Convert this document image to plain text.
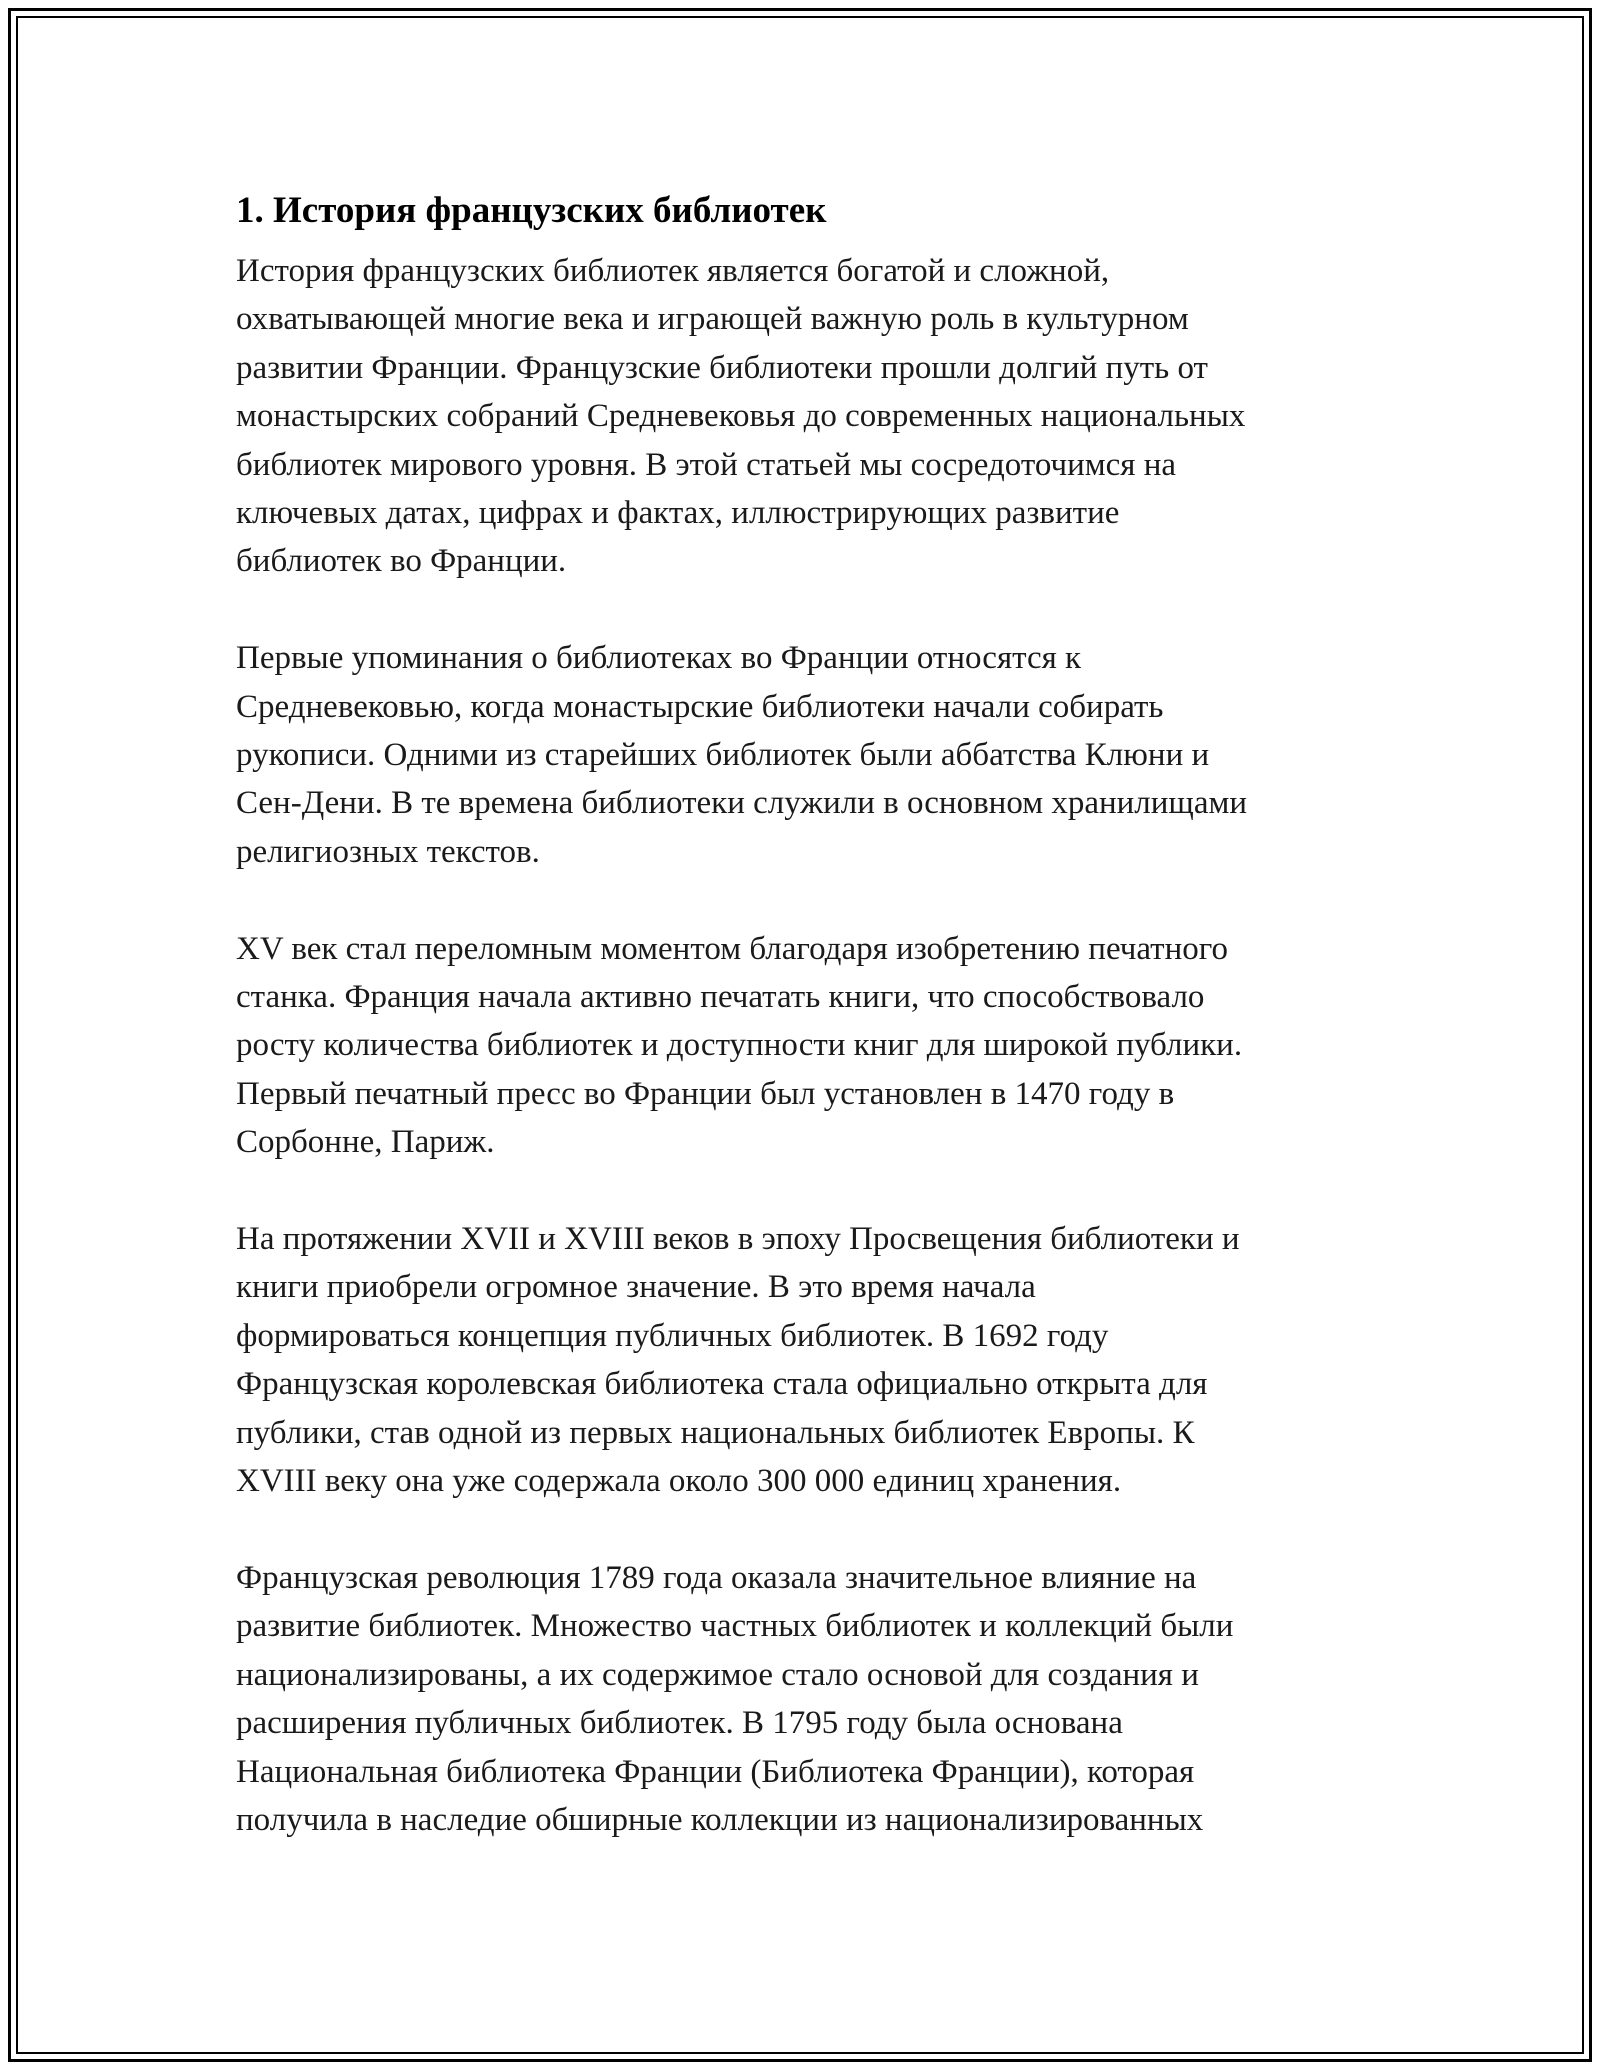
1. История французских библиотек

История французских библиотек является богатой и сложной,
охватывающей многие века и играющей важную роль в культурном
развитии Франции. Французские библиотеки прошли долгий путь от
монастырских собраний Средневековья до современных национальных
библиотек мирового уровня. В этой статьей мы сосредоточимся на
ключевых датах, цифрах и фактах, иллюстрирующих развитие
библиотек во Франции.

Первые упоминания о библиотеках во Франции относятся к
Средневековью, когда монастырские библиотеки начали собирать
рукописи. Одними из старейших библиотек были аббатства Клюни и
Сен-Дени. В те времена библиотеки служили в основном хранилищами
религиозных текстов.

XV век стал переломным моментом благодаря изобретению печатного
станка. Франция начала активно печатать книги, что способствовало
росту количества библиотек и доступности книг для широкой публики.
Первый печатный пресс во Франции был установлен в 1470 году в
Сорбонне, Париж.

На протяжении XVII и XVIII веков в эпоху Просвещения библиотеки и
книги приобрели огромное значение. В это время начала
формироваться концепция публичных библиотек. В 1692 году
Французская королевская библиотека стала официально открыта для
публики, став одной из первых национальных библиотек Европы. К
XVIII веку она уже содержала около 300 000 единиц хранения.

Французская революция 1789 года оказала значительное влияние на
развитие библиотек. Множество частных библиотек и коллекций были
национализированы, а их содержимое стало основой для создания и
расширения публичных библиотек. В 1795 году была основана
Национальная библиотека Франции (Библиотека Франции), которая
получила в наследие обширные коллекции из национализированных
